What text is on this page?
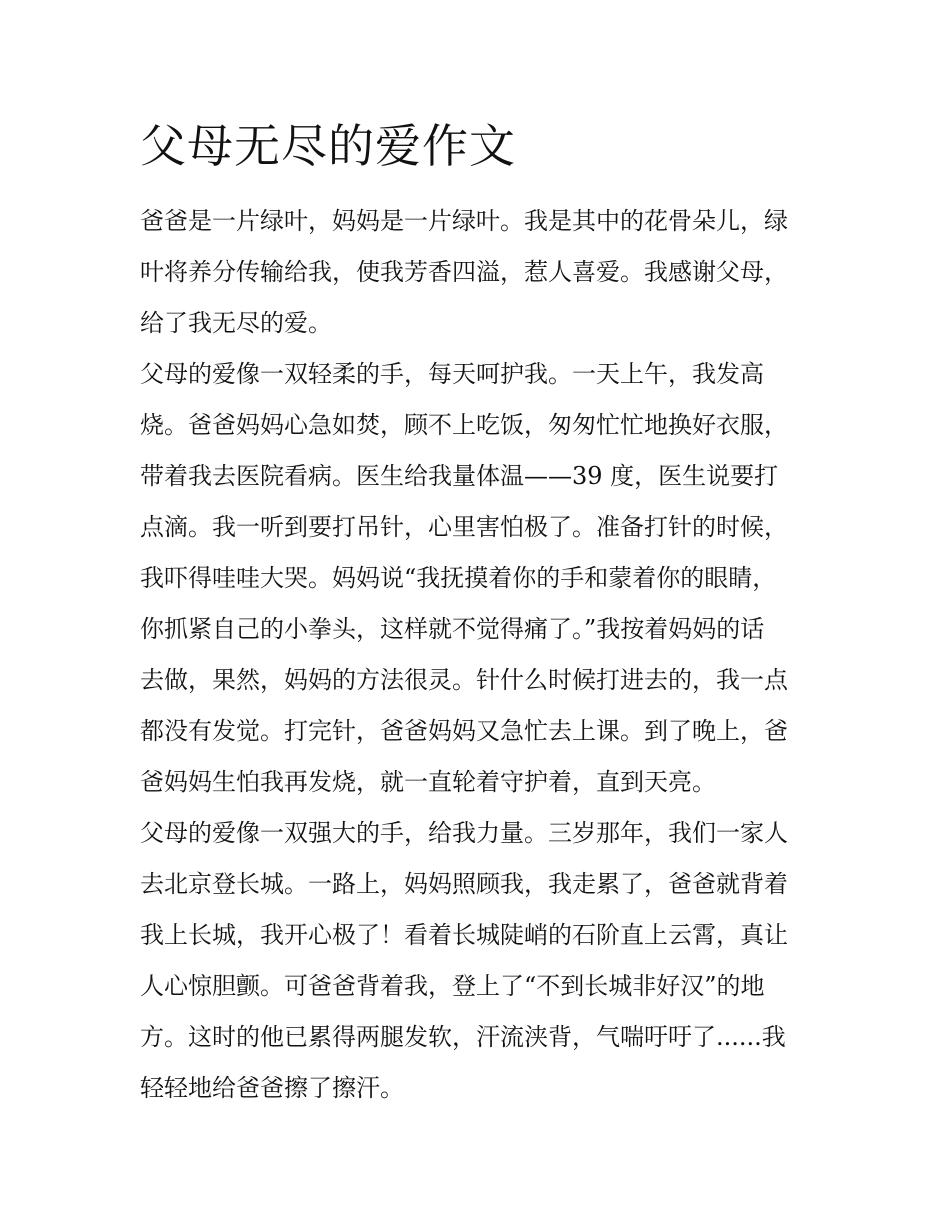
父母无尽的爱作文
爸爸是一片绿叶，妈妈是一片绿叶。我是其中的花骨朵儿，绿
叶将养分传输给我，使我芳香四溢，惹人喜爱。我感谢父母，
给了我无尽的爱。
父母的爱像一双轻柔的手，每天呵护我。一天上午，我发高
烧。爸爸妈妈心急如焚，顾不上吃饭，匆匆忙忙地换好衣服，
带着我去医院看病。医生给我量体温——39 度，医生说要打
点滴。我一听到要打吊针，心里害怕极了。准备打针的时候，
我吓得哇哇大哭。妈妈说“我抚摸着你的手和蒙着你的眼睛，
你抓紧自己的小拳头，这样就不觉得痛了。”我按着妈妈的话
去做，果然，妈妈的方法很灵。针什么时候打进去的，我一点
都没有发觉。打完针，爸爸妈妈又急忙去上课。到了晚上，爸
爸妈妈生怕我再发烧，就一直轮着守护着，直到天亮。
父母的爱像一双强大的手，给我力量。三岁那年，我们一家人
去北京登长城。一路上，妈妈照顾我，我走累了，爸爸就背着
我上长城，我开心极了！看着长城陡峭的石阶直上云霄，真让
人心惊胆颤。可爸爸背着我，登上了“不到长城非好汉”的地
方。这时的他已累得两腿发软，汗流浃背，气喘吁吁了......我
轻轻地给爸爸擦了擦汗。
